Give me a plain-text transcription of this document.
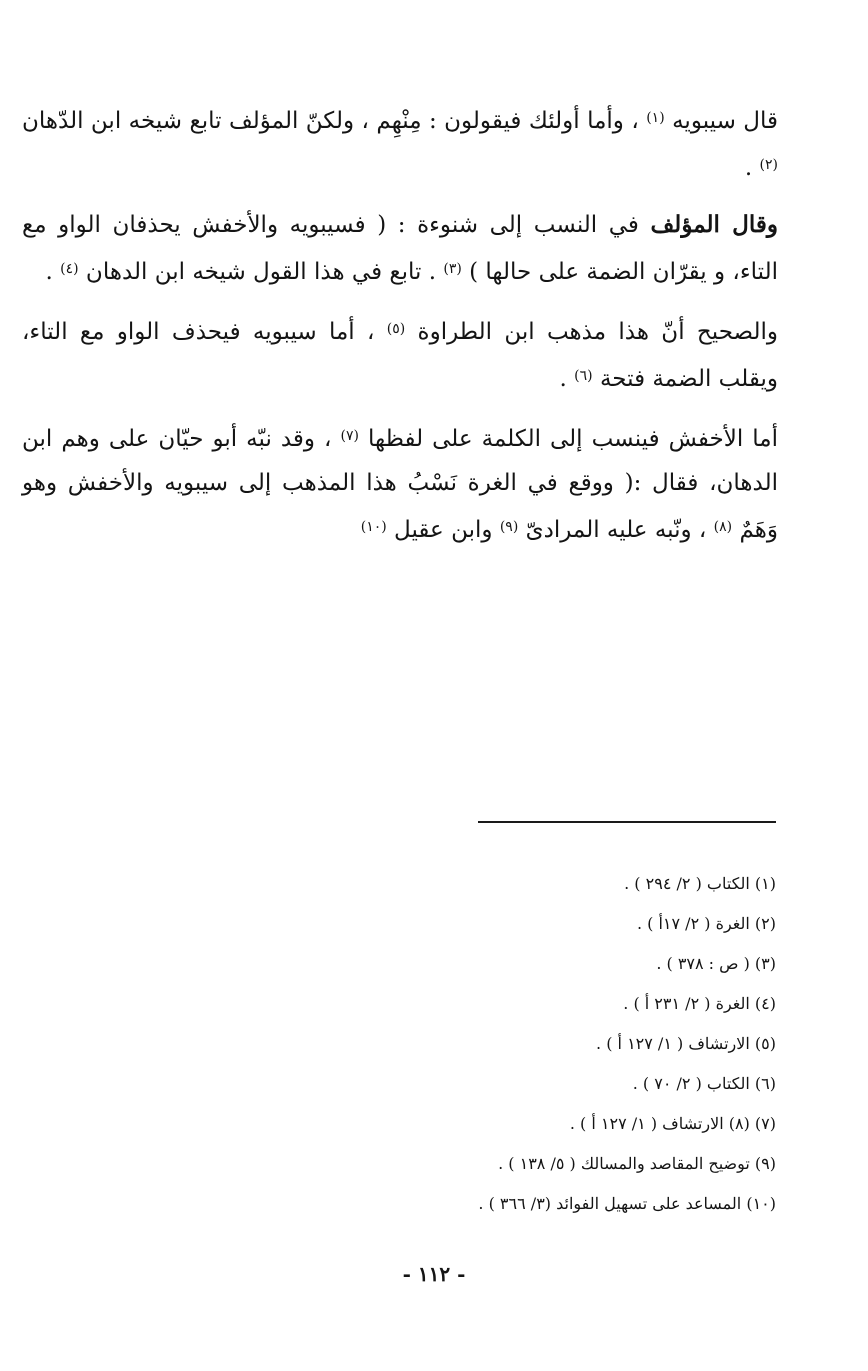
قال سيبويه $^{(١)}$ ، وأما أولئك فيقولون : مِنْهِم ، ولكنّ المؤلف تابع شيخه ابن الدّهان $^{(٢)}$ .

وقال المؤلف في النسب إلى شنوءة : ( فسيبويه والأخفش يحذفان الواو مع التاء، و يقرّان الضمة على حالها ) $^{(٣)}$ . تابع في هذا القول شيخه ابن الدهان $^{(٤)}$ .

والصحيح أنّ هذا مذهب ابن الطراوة $^{(٥)}$ ، أما سيبويه فيحذف الواو مع التاء، ويقلب الضمة فتحة $^{(٦)}$ .

أما الأخفش فينسب إلى الكلمة على لفظها $^{(٧)}$ ، وقد نبّه أبو حيّان على وهم ابن الدهان، فقال :( ووقع في الغرة نَسْبُ هذا المذهب إلى سيبويه والأخفش وهو وَهَمٌ $^{(٨)}$ ، ونّبه عليه المرادىّ $^{(٩)}$ وابن عقيل $^{(١٠)}$

(١) الكتاب ( ٢/ ٢٩٤ ) .
(٢) الغرة ( ٢/ ١٧أ ) .
(٣) ( ص : ٣٧٨ ) .
(٤) الغرة ( ٢/ ٢٣١ أ ) .
(٥) الارتشاف ( ١/ ١٢٧ أ ) .
(٦) الكتاب ( ٢/ ٧٠ ) .
(٧) (٨) الارتشاف ( ١/ ١٢٧ أ ) .
(٩) توضيح المقاصد والمسالك ( ٥/ ١٣٨ ) .
(١٠) المساعد على تسهيل الفوائد (٣/ ٣٦٦ ) .
- ١١٢ -
